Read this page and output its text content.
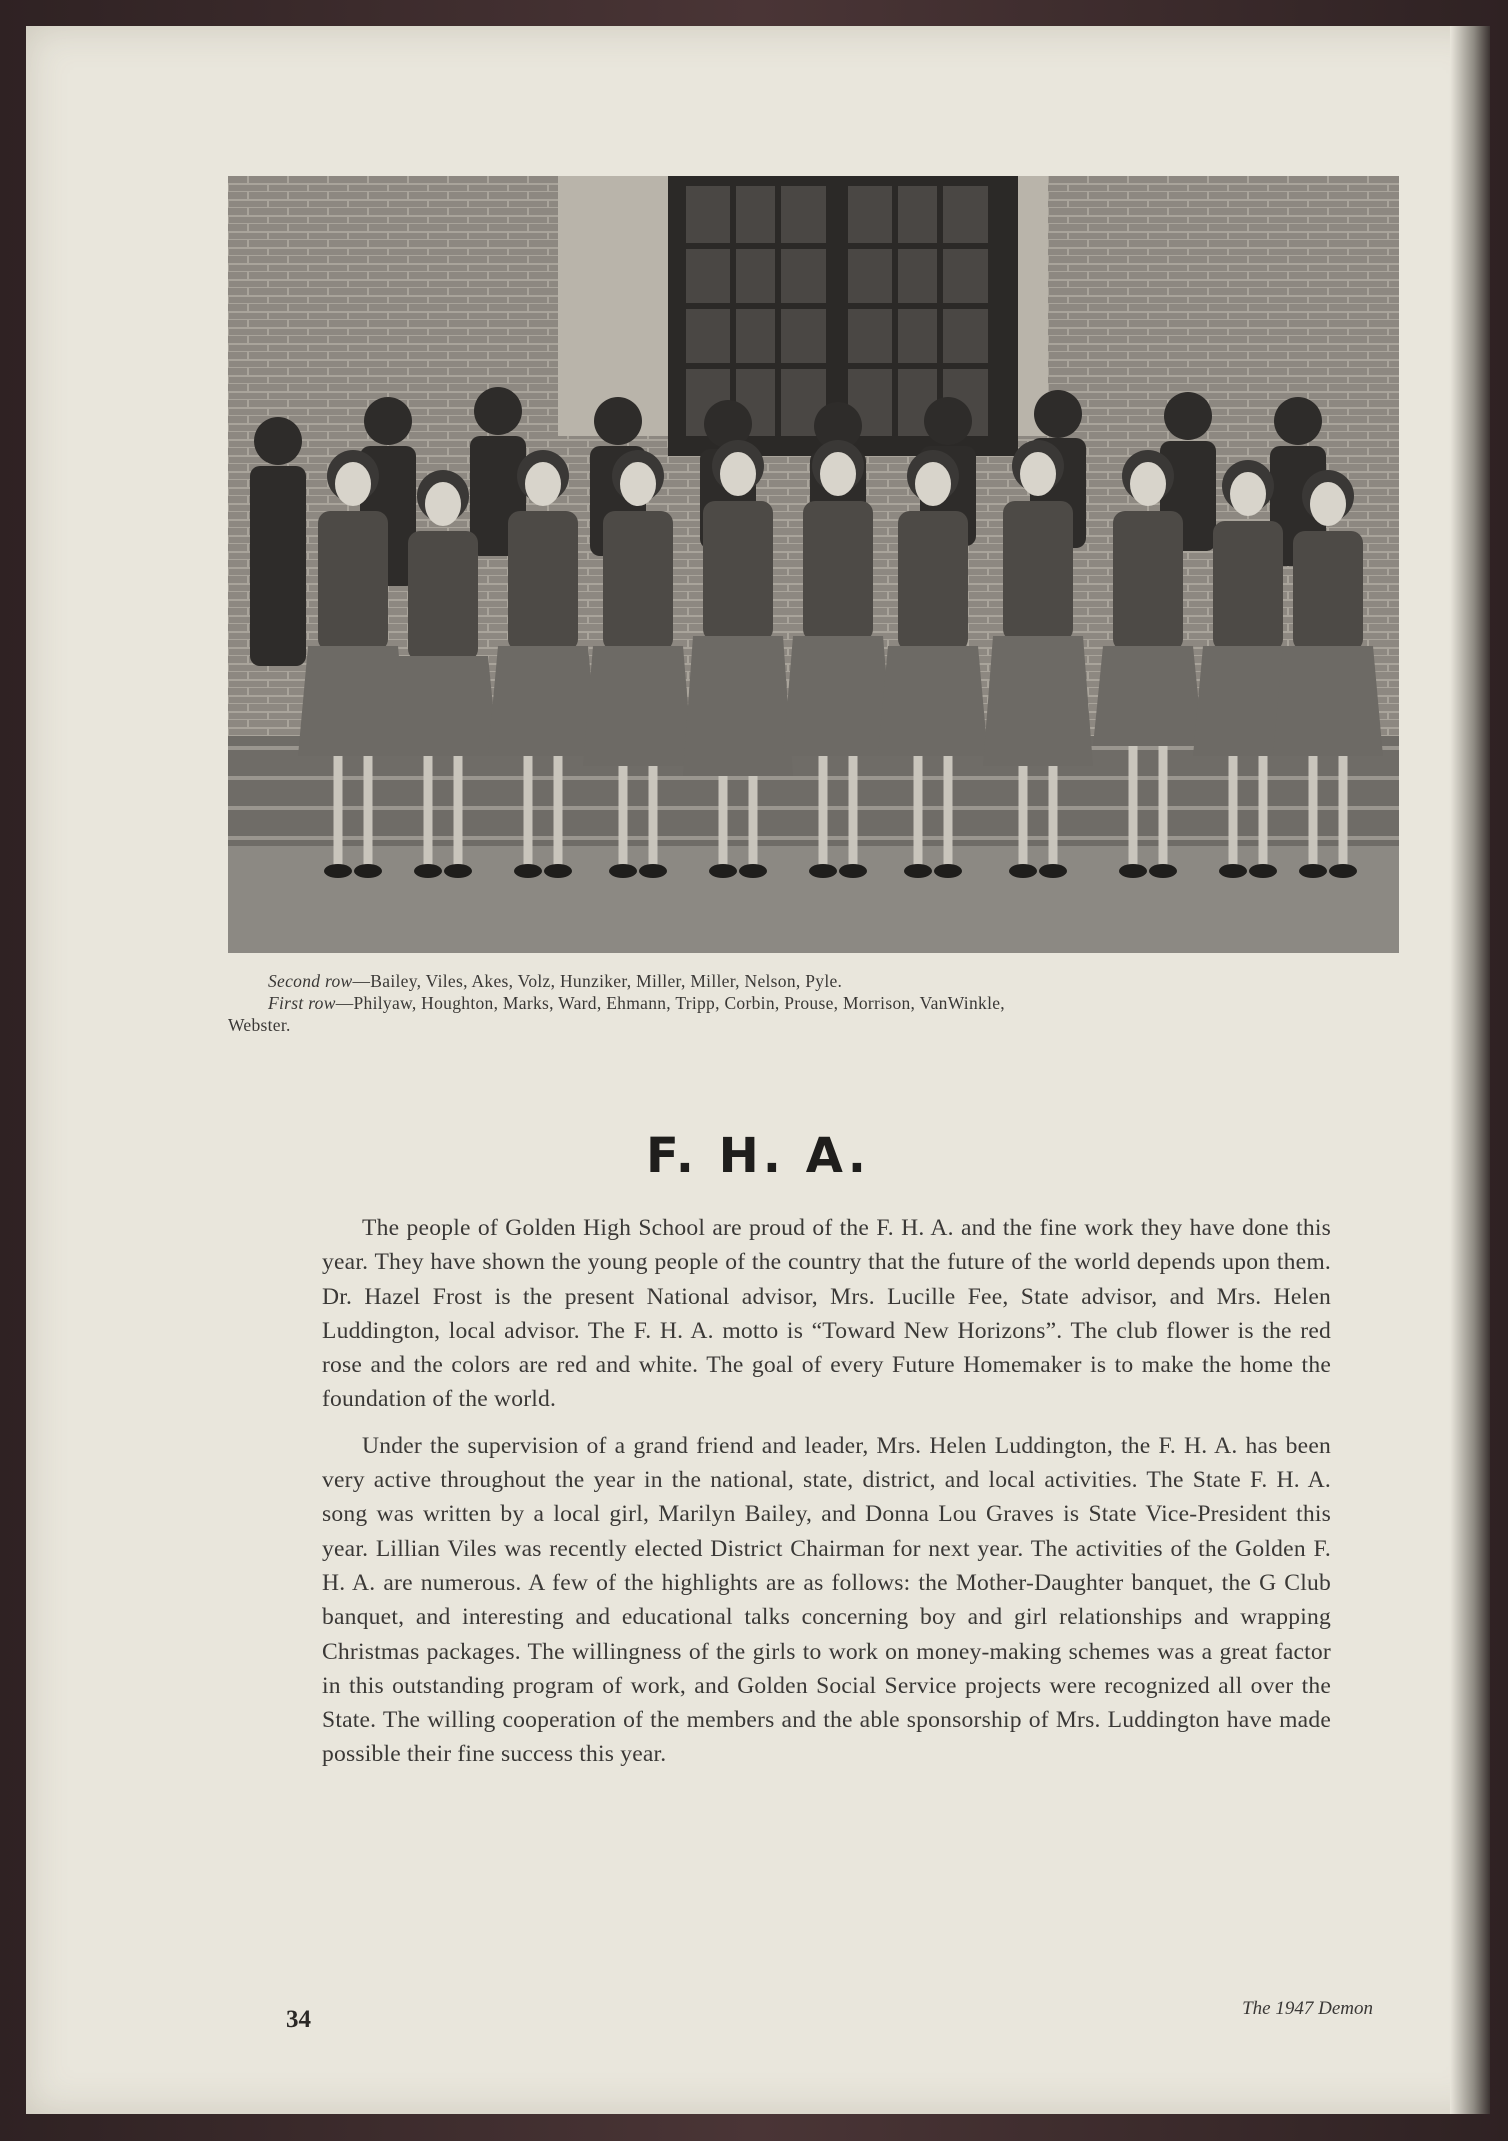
Second row—Bailey, Viles, Akes, Volz, Hunziker, Miller, Miller, Nelson, Pyle.
First row—Philyaw, Houghton, Marks, Ward, Ehmann, Tripp, Corbin, Prouse, Morrison, VanWinkle,
Webster.
F. H. A.

The people of Golden High School are proud of the F. H. A. and the fine work they have done this year. They have shown the young people of the country that the future of the world depends upon them. Dr. Hazel Frost is the present National advisor, Mrs. Lucille Fee, State advisor, and Mrs. Helen Luddington, local advisor. The F. H. A. motto is “Toward New Horizons”. The club flower is the red rose and the colors are red and white. The goal of every Future Homemaker is to make the home the foundation of the world.

Under the supervision of a grand friend and leader, Mrs. Helen Luddington, the F. H. A. has been very active throughout the year in the national, state, district, and local activities. The State F. H. A. song was written by a local girl, Marilyn Bailey, and Donna Lou Graves is State Vice-President this year. Lillian Viles was recently elected District Chairman for next year. The activities of the Golden F. H. A. are numerous. A few of the highlights are as follows: the Mother-Daughter banquet, the G Club banquet, and interesting and educational talks concerning boy and girl relationships and wrapping Christmas packages. The willingness of the girls to work on money-making schemes was a great factor in this outstanding program of work, and Golden Social Service projects were recognized all over the State. The willing cooperation of the members and the able sponsorship of Mrs. Luddington have made possible their fine success this year.

34	The 1947 Demon
